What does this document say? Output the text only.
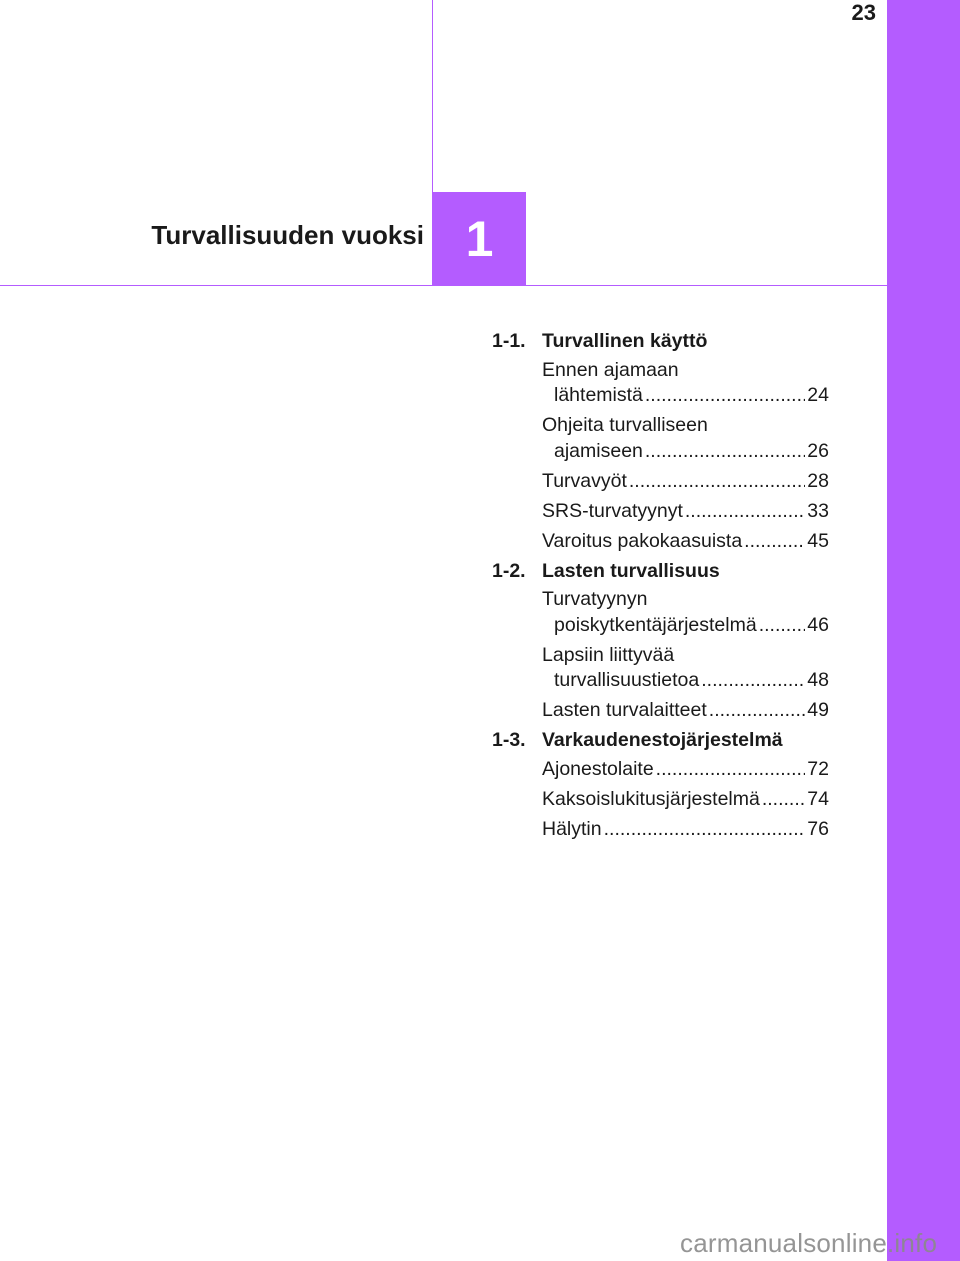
23
Turvallisuuden vuoksi 1
1-1. Turvallinen käyttö
Ennen ajamaan
lähtemistä .....	24
Ohjeita turvalliseen
ajamiseen .....	26
Turvavyöt .....	28
SRS-turvatyynyt .....	33
Varoitus pakokaasuista .....	45
1-2. Lasten turvallisuus
Turvatyynyn
poiskytkentäjärjestelmä .....	46
Lapsiin liittyvää
turvallisuustietoa .....	48
Lasten turvalaitteet .....	49
1-3. Varkaudenestojärjestelmä
Ajonestolaite .....	72
Kaksoislukitusjärjestelmä ..... 74
Hälytin .....	76
carmanualsonline.info
